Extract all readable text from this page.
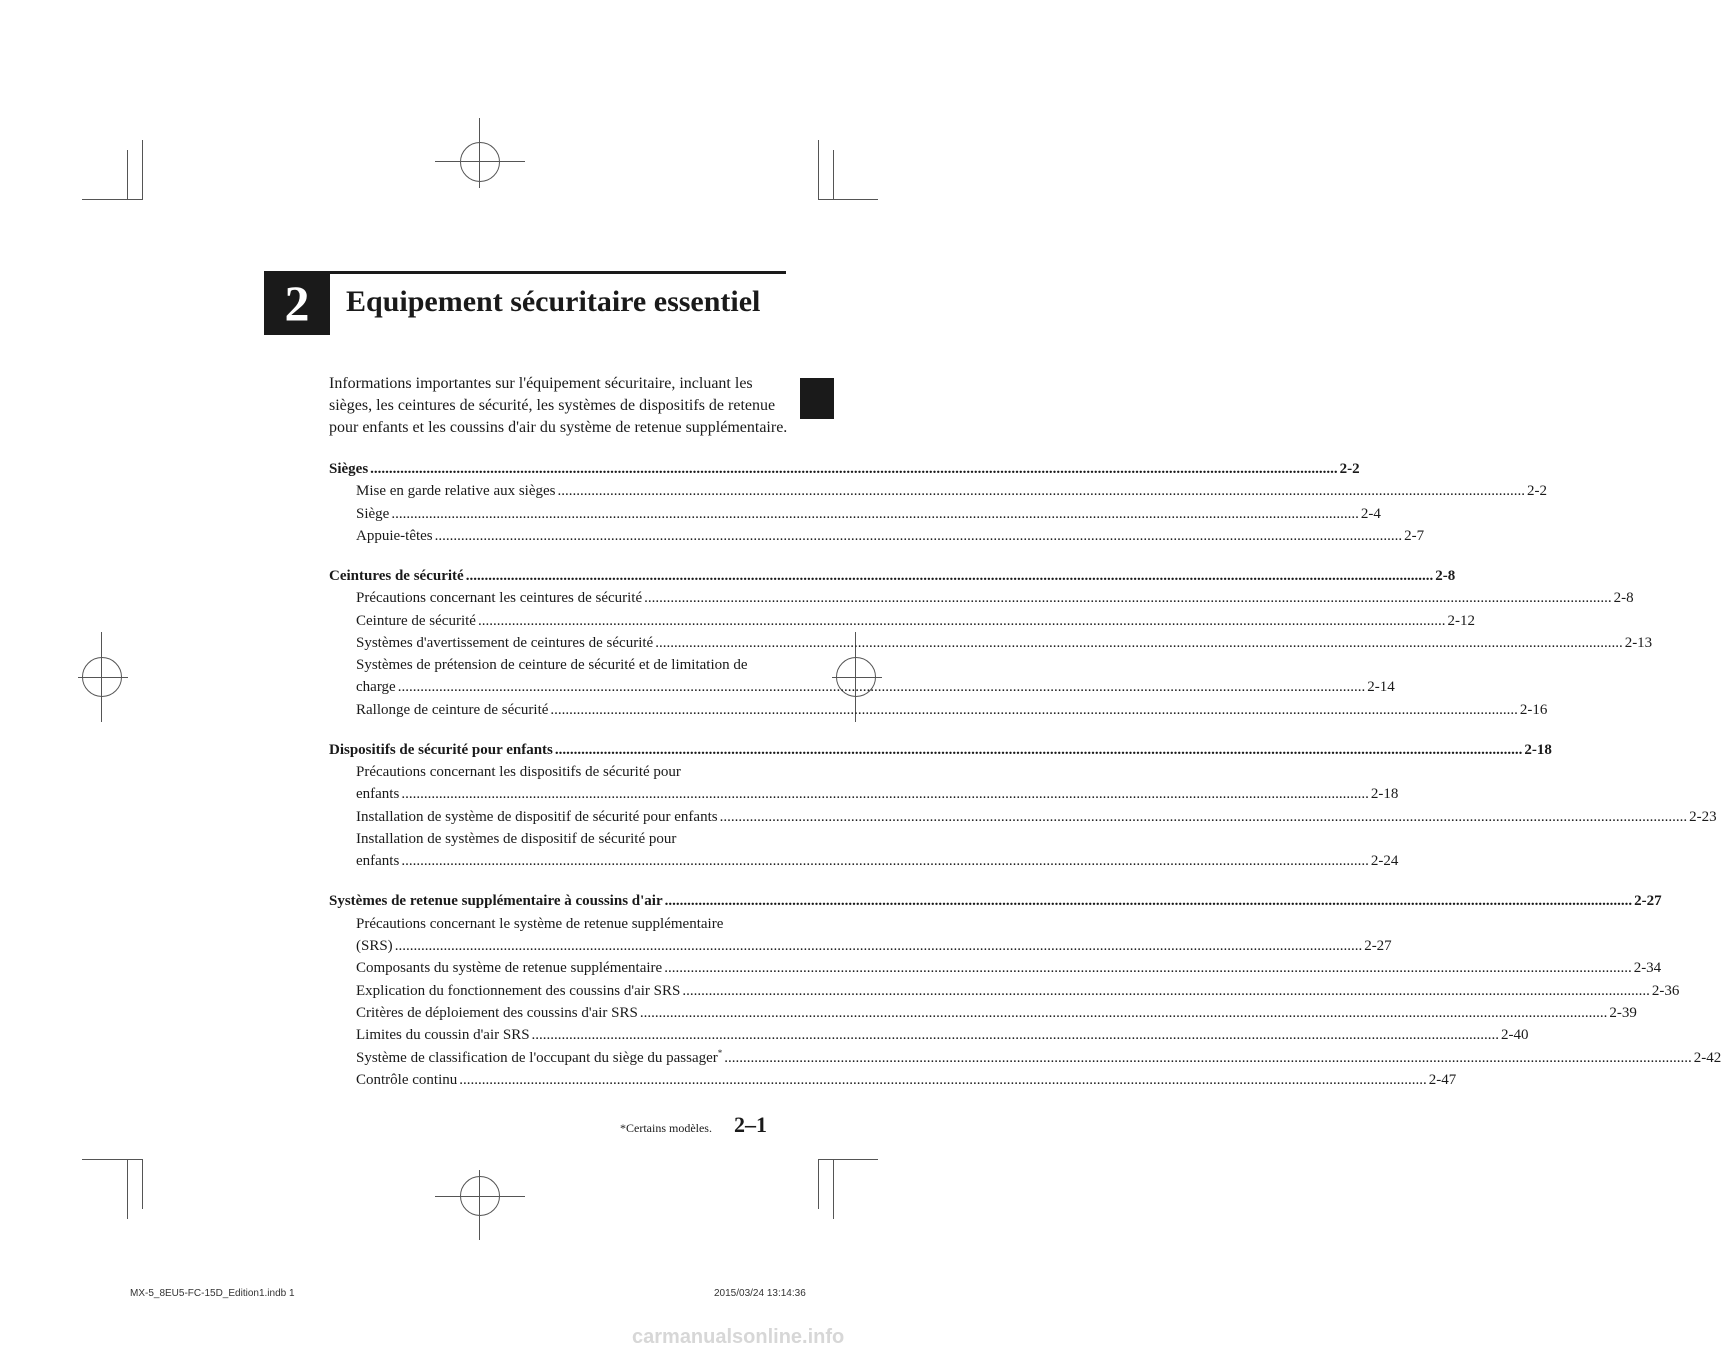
2	Equipement sécuritaire essentiel
Informations importantes sur l'équipement sécuritaire, incluant les sièges, les ceintures de sécurité, les systèmes de dispositifs de retenue pour enfants et les coussins d'air du système de retenue supplémentaire.
Sièges .....	2-2
Mise en garde relative aux sièges .....	2-2
Siège .....	2-4
Appuie-têtes .....	2-7
Ceintures de sécurité .....	2-8
Précautions concernant les ceintures de sécurité .....	2-8
Ceinture de sécurité .....	2-12
Systèmes d'avertissement de ceintures de sécurité .....	2-13
Systèmes de prétension de ceinture de sécurité et de limitation de
charge .....	2-14
Rallonge de ceinture de sécurité .....	2-16
Dispositifs de sécurité pour enfants .....	2-18
Précautions concernant les dispositifs de sécurité pour
enfants .....	2-18
Installation de système de dispositif de sécurité pour enfants .....	2-23
Installation de systèmes de dispositif de sécurité pour
enfants .....	2-24
Systèmes de retenue supplémentaire à coussins d'air .....	2-27
Précautions concernant le système de retenue supplémentaire
(SRS) .....	2-27
Composants du système de retenue supplémentaire .....	2-34
Explication du fonctionnement des coussins d'air SRS .....	2-36
Critères de déploiement des coussins d'air SRS .....	2-39
Limites du coussin d'air SRS .....	2-40
Système de classification de l'occupant du siège du passager* .....	2-42
Contrôle continu .....	2-47
*Certains modèles. 2–1
MX-5_8EU5-FC-15D_Edition1.indb 1	2015/03/24 13:14:36
carmanualsonline.info
